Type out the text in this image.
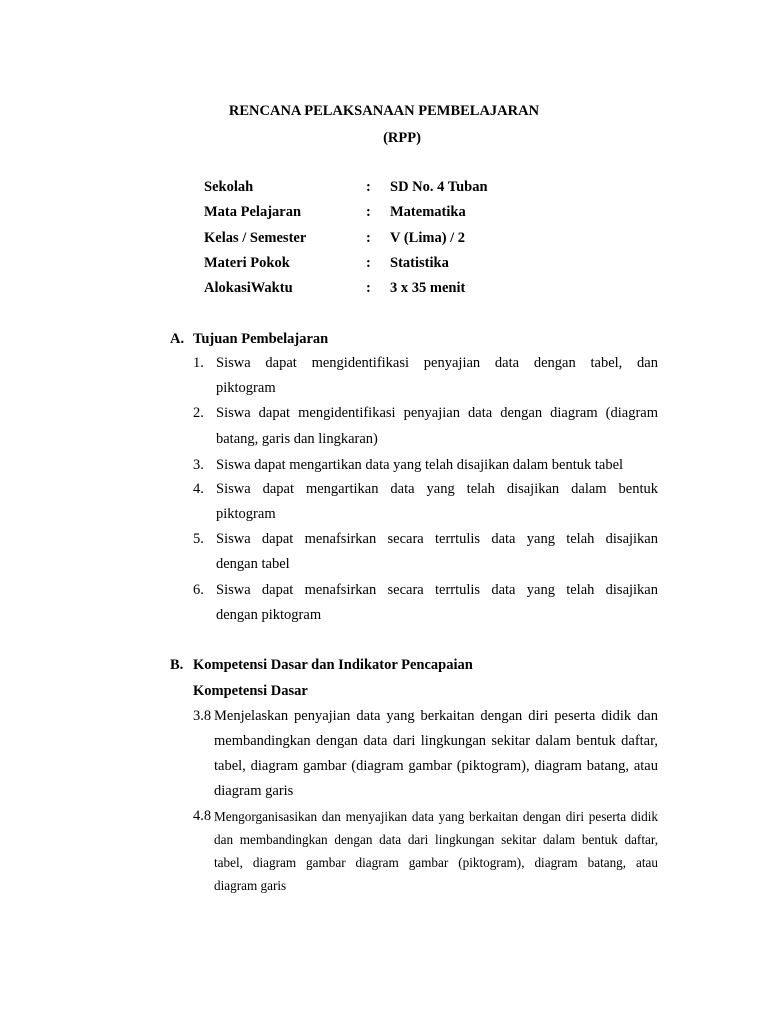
RENCANA PELAKSANAAN PEMBELAJARAN
(RPP)
Sekolah	: SD No. 4 Tuban
Mata Pelajaran	: Matematika
Kelas / Semester	: V (Lima) / 2
Materi Pokok	: Statistika
AlokasiWaktu	: 3 x 35 menit
A. Tujuan Pembelajaran
1. Siswa dapat mengidentifikasi penyajian data dengan tabel, dan
piktogram
2. Siswa dapat mengidentifikasi penyajian data dengan diagram (diagram
batang, garis dan lingkaran)
3. Siswa dapat mengartikan data yang telah disajikan dalam bentuk tabel
4. Siswa dapat mengartikan data yang telah disajikan dalam bentuk
piktogram
5. Siswa dapat menafsirkan secara terrtulis data yang telah disajikan
dengan tabel
6. Siswa dapat menafsirkan secara terrtulis data yang telah disajikan
dengan piktogram
B. Kompetensi Dasar dan Indikator Pencapaian
Kompetensi Dasar
3.8 Menjelaskan penyajian data yang berkaitan dengan diri peserta didik dan
membandingkan dengan data dari lingkungan sekitar dalam bentuk daftar,
tabel, diagram gambar (diagram gambar (piktogram), diagram batang, atau
diagram garis
4.8 Mengorganisasikan dan menyajikan data yang berkaitan dengan diri peserta didik
dan membandingkan dengan data dari lingkungan sekitar dalam bentuk daftar,
tabel, diagram gambar diagram gambar (piktogram), diagram batang, atau
diagram garis
